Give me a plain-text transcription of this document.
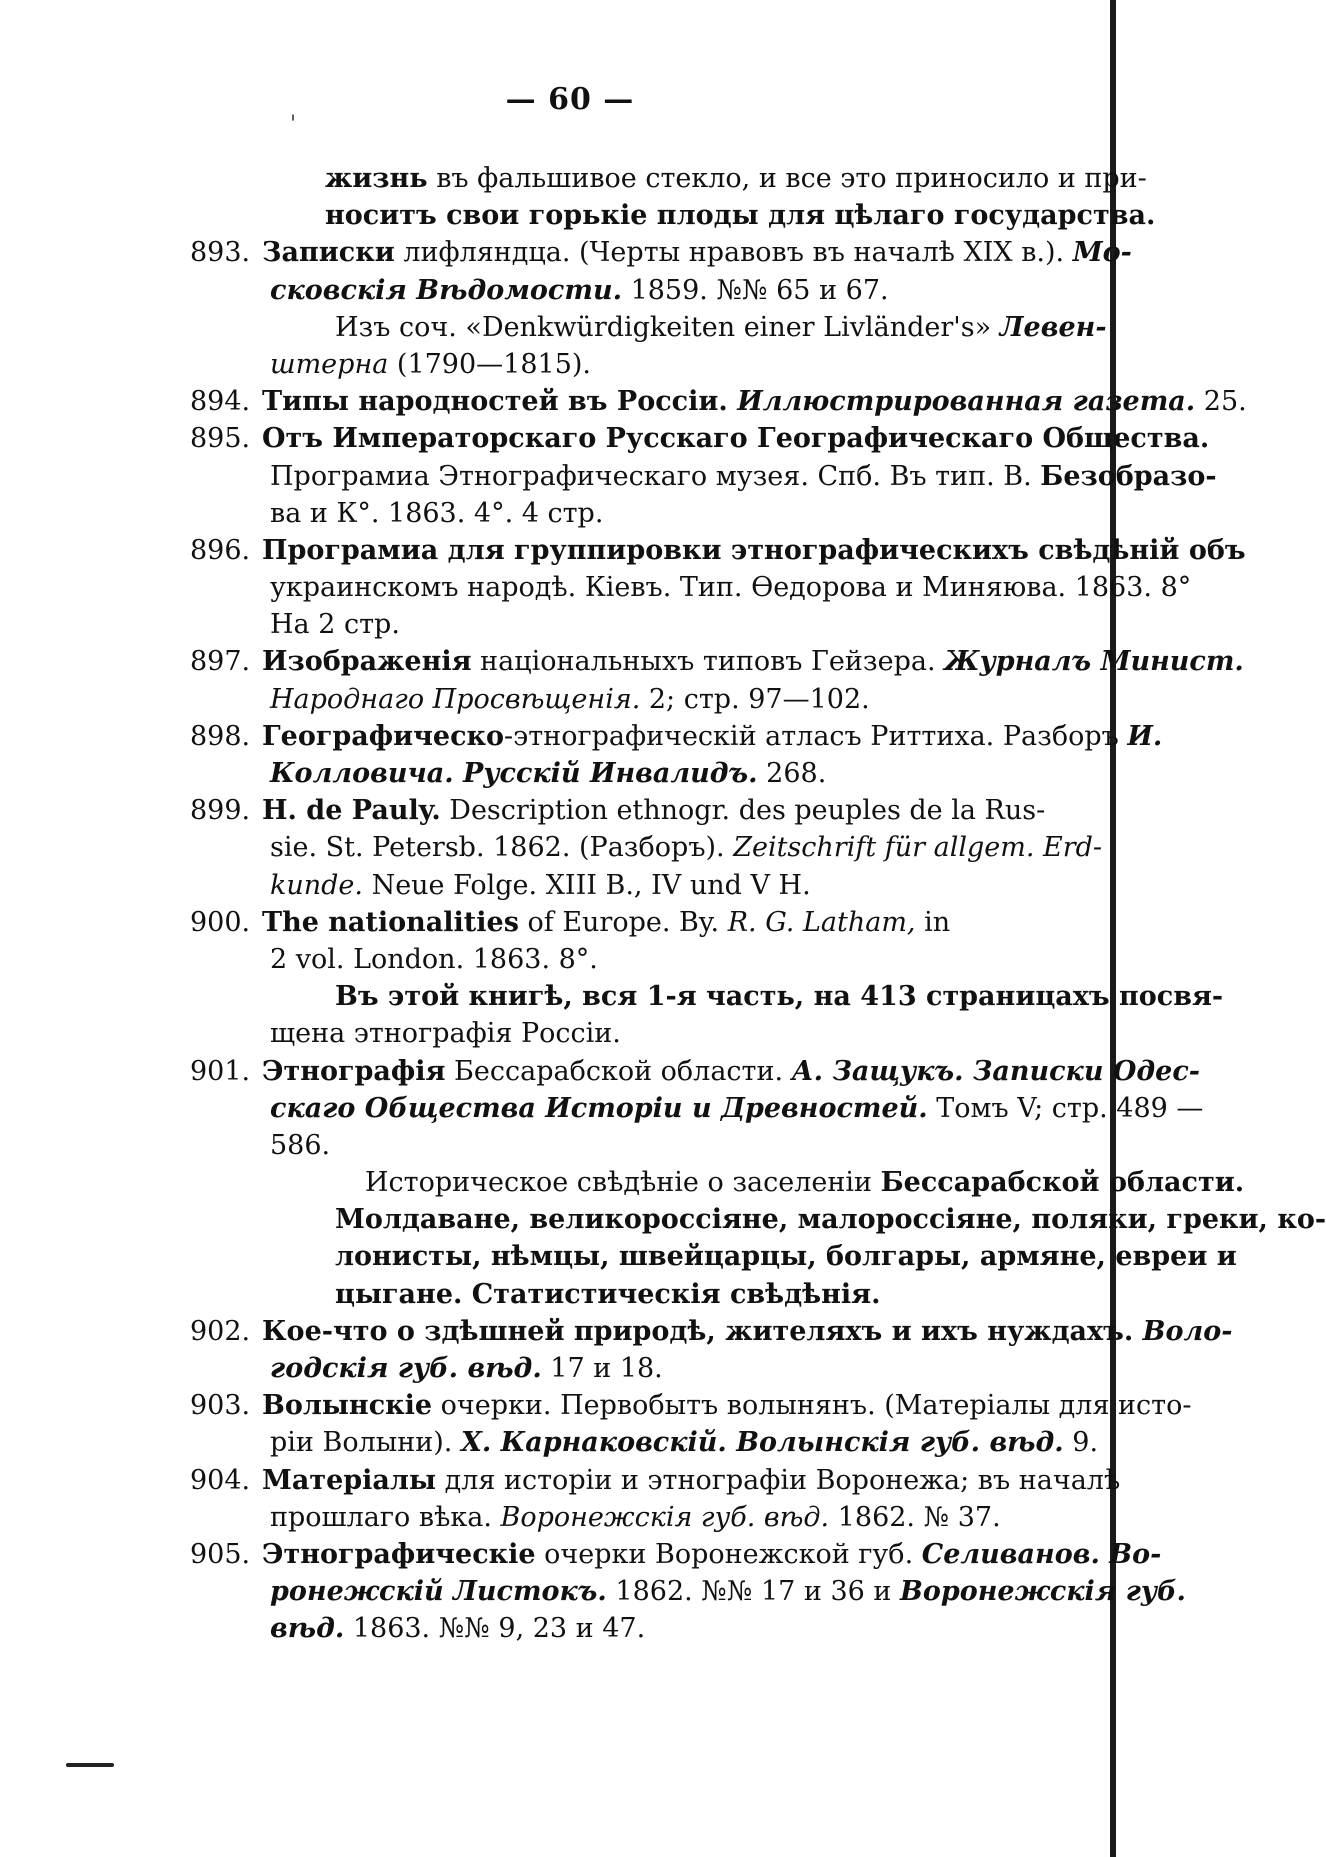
— 60 —
'
жизнь въ фальшивое стекло, и все это приносило и при-
носитъ свои горькіе плоды для цѣлаго государства.
893. Записки лифляндца. (Черты нравовъ въ началѣ XIX в.). Мо-
сковскія Вѣдомости. 1859. №№ 65 и 67.
Изъ соч. «Denkwürdigkeiten einer Livländer's» Левен-
штерна (1790—1815).
894. Типы народностей въ Россіи. Иллюстрированная газета. 25.
895. Отъ Императорскаго Русскаго Географическаго Общества.
Програмиа Этнографическаго музея. Спб. Въ тип. В. Безобразо-
ва и К°. 1863. 4°. 4 стр.
896. Програмиа для группировки этнографическихъ свѣдѣній объ
украинскомъ народѣ. Кіевъ. Тип. Ѳедорова и Миняюва. 1863. 8°
На 2 стр.
897. Изображенія національныхъ типовъ Гейзера. Журналъ Минист.
Народнаго Просвѣщенія. 2; стр. 97—102.
898. Географическо-этнографическій атласъ Риттиха. Разборъ И.
Колловича. Русскій Инвалидъ. 268.
899. H. de Pauly. Description ethnogr. des peuples de la Rus-
sie. St. Petersb. 1862. (Разборъ). Zeitschrift für allgem. Erd-
kunde. Neue Folge. XIII B., IV und V H.
900. The nationalities of Europe. By. R. G. Latham, in
2 vol. London. 1863. 8°.
Въ этой книгѣ, вся 1-я часть, на 413 страницахъ посвя-
щена этнографія Россіи.
901. Этнографія Бессарабской области. А. Защукъ. Записки Одес-
скаго Общества Исторіи и Древностей. Томъ V; стр. 489 —
586.
Историческое свѣдѣніе о заселеніи Бессарабской области.
Молдаване, великороссіяне, малороссіяне, поляки, греки, ко-
лонисты, нѣмцы, швейцарцы, болгары, армяне, евреи и
цыгане. Статистическія свѣдѣнія.
902. Кое-что о здѣшней природѣ, жителяхъ и ихъ нуждахъ. Воло-
годскія губ. вѣд. 17 и 18.
903. Волынскіе очерки. Первобытъ волынянъ. (Матеріалы для исто-
ріи Волыни). Х. Карнаковскій. Волынскія губ. вѣд. 9.
904. Матеріалы для исторіи и этнографіи Воронежа; въ началѣ
прошлаго вѣка. Воронежскія губ. вѣд. 1862. № 37.
905. Этнографическіе очерки Воронежской губ. Селиванов. Во-
ронежскій Листокъ. 1862. №№ 17 и 36 и Воронежскія губ.
вѣд. 1863. №№ 9, 23 и 47.
